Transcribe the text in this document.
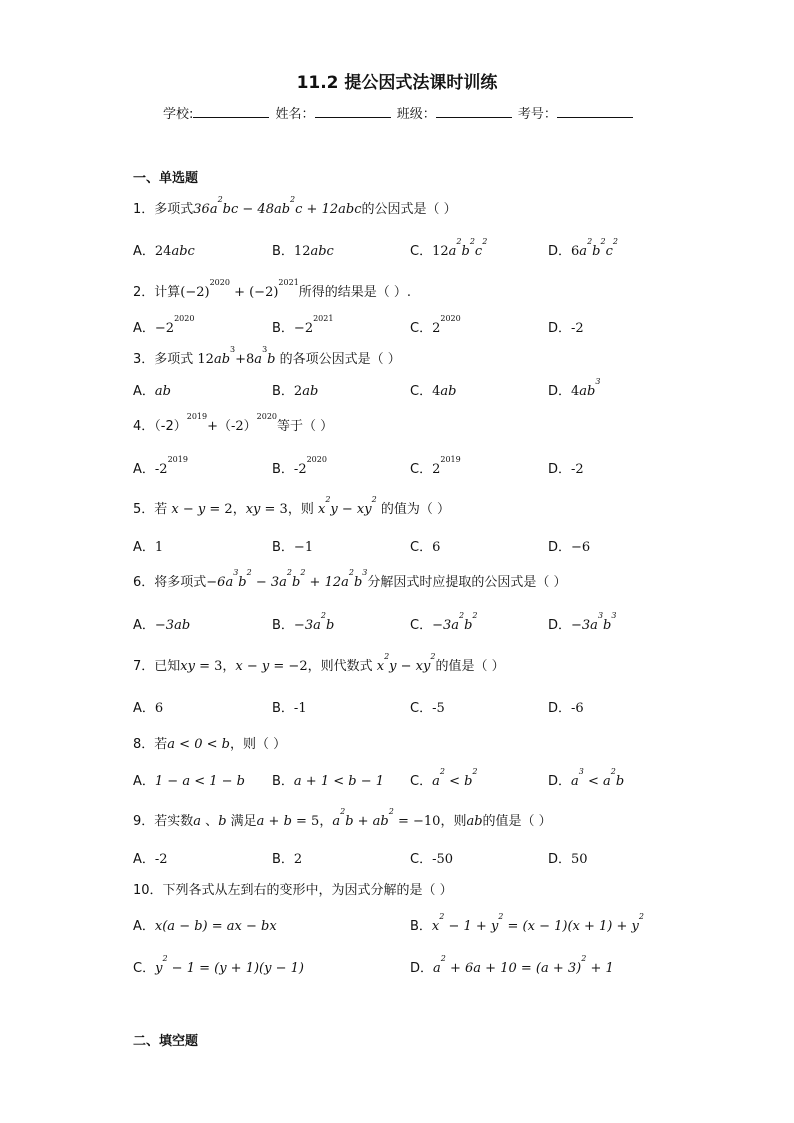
11.2 提公因式法课时训练
学校:	姓名：	班级：	考号：
一、单选题
1．多项式$36a^2bc - 48ab^2c + 12abc$的公因式是（ ）
A．24abc	B．12abc	C．$12a^2b^2c^2$
D．$6a^2b^2c^2$
2．计算$(-2)^{2020} + (-2)^{2021}$所得的结果是（ ）.
A．$-2^{2020}$
B．$-2^{2021}$
C．$2^{2020}$
D．-2
3．多项式 $12ab^3+8a^3b$ 的各项公因式是（ ）
A．ab	B．2ab	C．4ab	D．$4ab^3$
4．$(-2)^{2019}+(-2)^{2020}$等于（ ）
A．$-2^{2019}$
B．$-2^{2020}$
C．$2^{2019}$
D．-2
5．若 x − y = 2，xy = 3，则 $x^2y - xy^2$ 的值为（ ）
A．1	B．−1	C．6	D．−6
6．将多项式$-6a^3b^2 - 3a^2b^2 + 12a^2b^3$分解因式时应提取的公因式是（ ）
A．−3ab	B．$-3a^2b$	C．$-3a^2b^2$
D．$-3a^3b^3$
7．已知xy = 3，x − y = −2，则代数式 $x^2y - xy^2$的值是（ ）
A．6	B．-1	C．-5	D．-6
8．若a < 0 < b，则（ ）
A．1 − a < 1 − b B．a + 1 < b − 1 C．$a^2 < b^2$
D．$a^3 < a^2b$
9．若实数a 、b 满足a + b = 5，$a^2b + ab^2 = -10$，则ab的值是（ ）
A．-2	B．2	C．-50	D．50
10．下列各式从左到右的变形中，为因式分解的是（ ）
A．x(a − b) = ax − bx	B．$x^2 - 1 + y^2 = (x - 1)(x + 1) + y^2$
C．$y^2 - 1 = (y + 1)(y - 1)$	D．$a^2 + 6a + 10 = (a + 3)^2 + 1$
二、填空题
